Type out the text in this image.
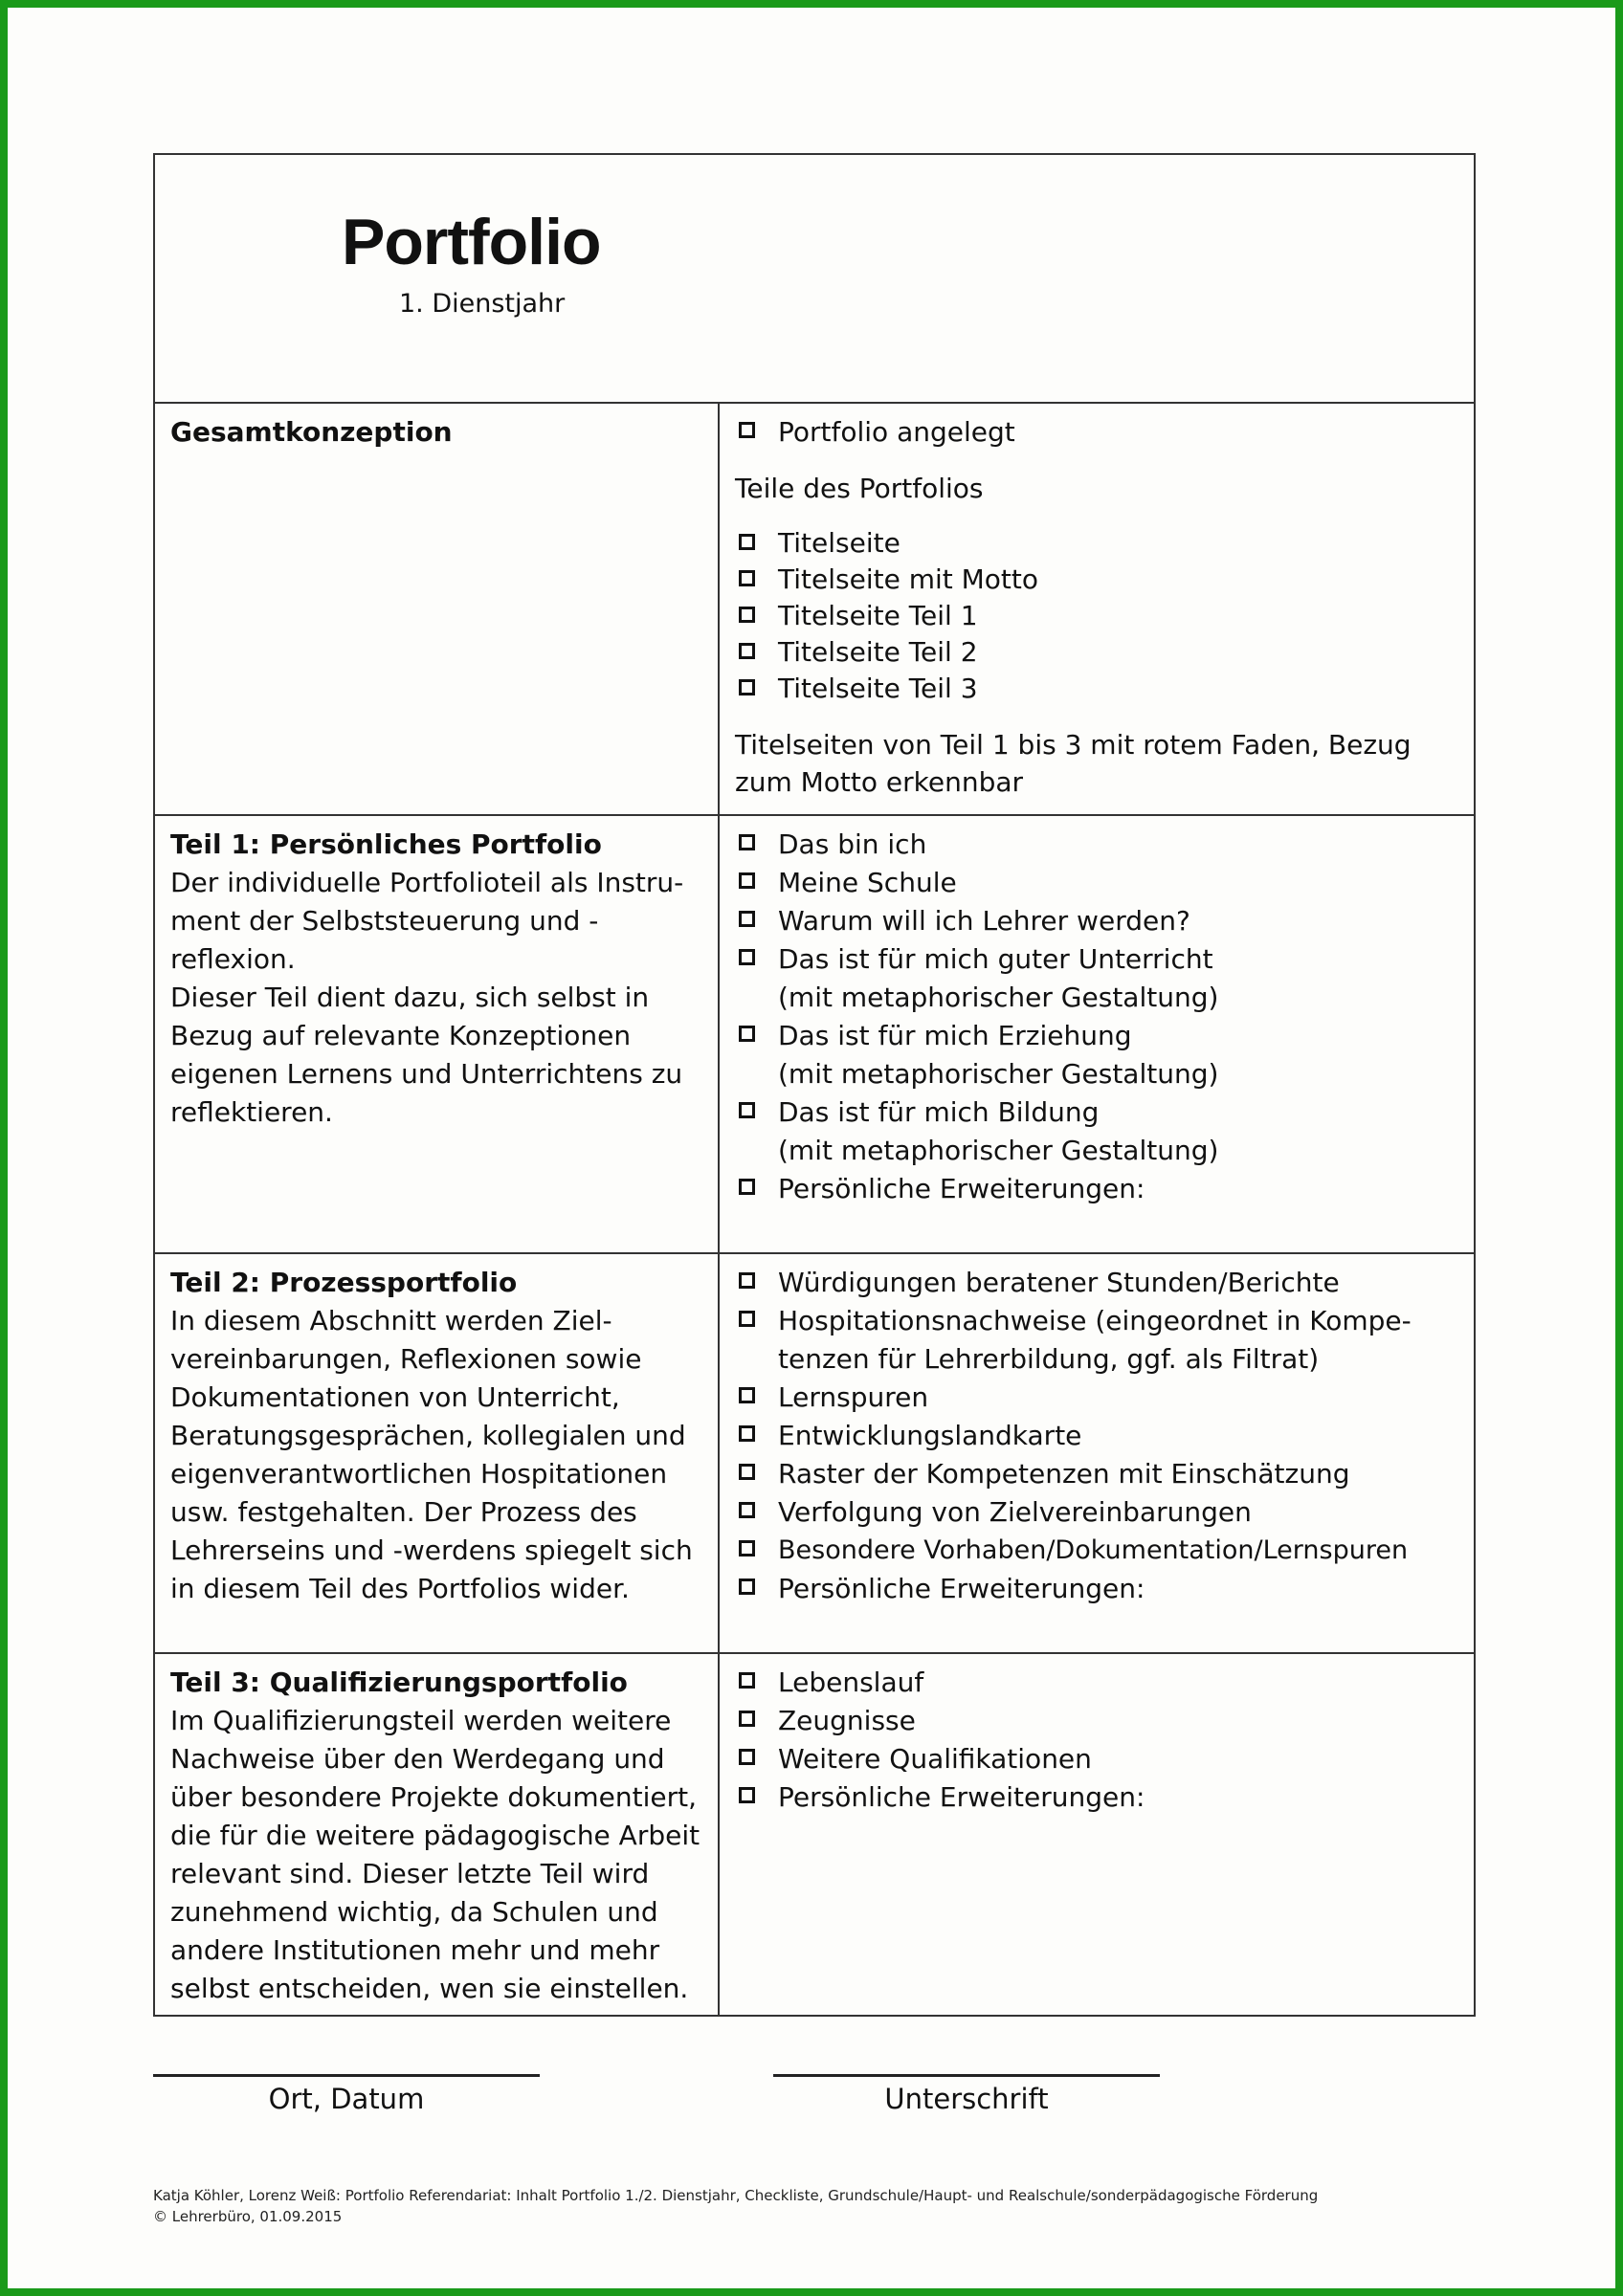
Portfolio
1. Dienstjahr
Gesamtkonzeption	Portfolio angelegt
Teile des Portfolios
Titelseite
Titelseite mit Motto
Titelseite Teil 1
Titelseite Teil 2
Titelseite Teil 3
Titelseiten von Teil 1 bis 3 mit rotem Faden, Bezug zum Motto erkennbar
Teil 1: Persönliches Portfolio
Der individuelle Portfolioteil als Instru-
ment der Selbststeuerung und -reflexion.
Dieser Teil dient dazu, sich selbst in
Bezug auf relevante Konzeptionen
eigenen Lernens und Unterrichtens zu
reflektieren.
Das bin ich
Meine Schule
Warum will ich Lehrer werden?
Das ist für mich guter Unterricht
(mit metaphorischer Gestaltung)
Das ist für mich Erziehung
(mit metaphorischer Gestaltung)
Das ist für mich Bildung
(mit metaphorischer Gestaltung)
Persönliche Erweiterungen:
Teil 2: Prozessportfolio
In diesem Abschnitt werden Ziel-
vereinbarungen, Reflexionen sowie
Dokumentationen von Unterricht,
Beratungsgesprächen, kollegialen und
eigenverantwortlichen Hospitationen
usw. festgehalten. Der Prozess des
Lehrerseins und -werdens spiegelt sich
in diesem Teil des Portfolios wider.
Würdigungen beratener Stunden/Berichte
Hospitationsnachweise (eingeordnet in Kompe-
tenzen für Lehrerbildung, ggf. als Filtrat)
Lernspuren
Entwicklungslandkarte
Raster der Kompetenzen mit Einschätzung
Verfolgung von Zielvereinbarungen
Besondere Vorhaben/Dokumentation/Lernspuren
Persönliche Erweiterungen:
Teil 3: Qualifizierungsportfolio
Im Qualifizierungsteil werden weitere
Nachweise über den Werdegang und
über besondere Projekte dokumentiert,
die für die weitere pädagogische Arbeit
relevant sind. Dieser letzte Teil wird
zunehmend wichtig, da Schulen und
andere Institutionen mehr und mehr
selbst entscheiden, wen sie einstellen.
Lebenslauf
Zeugnisse
Weitere Qualifikationen
Persönliche Erweiterungen:
Ort, Datum	Unterschrift
Katja Köhler, Lorenz Weiß: Portfolio Referendariat: Inhalt Portfolio 1./2. Dienstjahr, Checkliste, Grundschule/Haupt- und Realschule/sonderpädagogische Förderung
© Lehrerbüro, 01.09.2015
